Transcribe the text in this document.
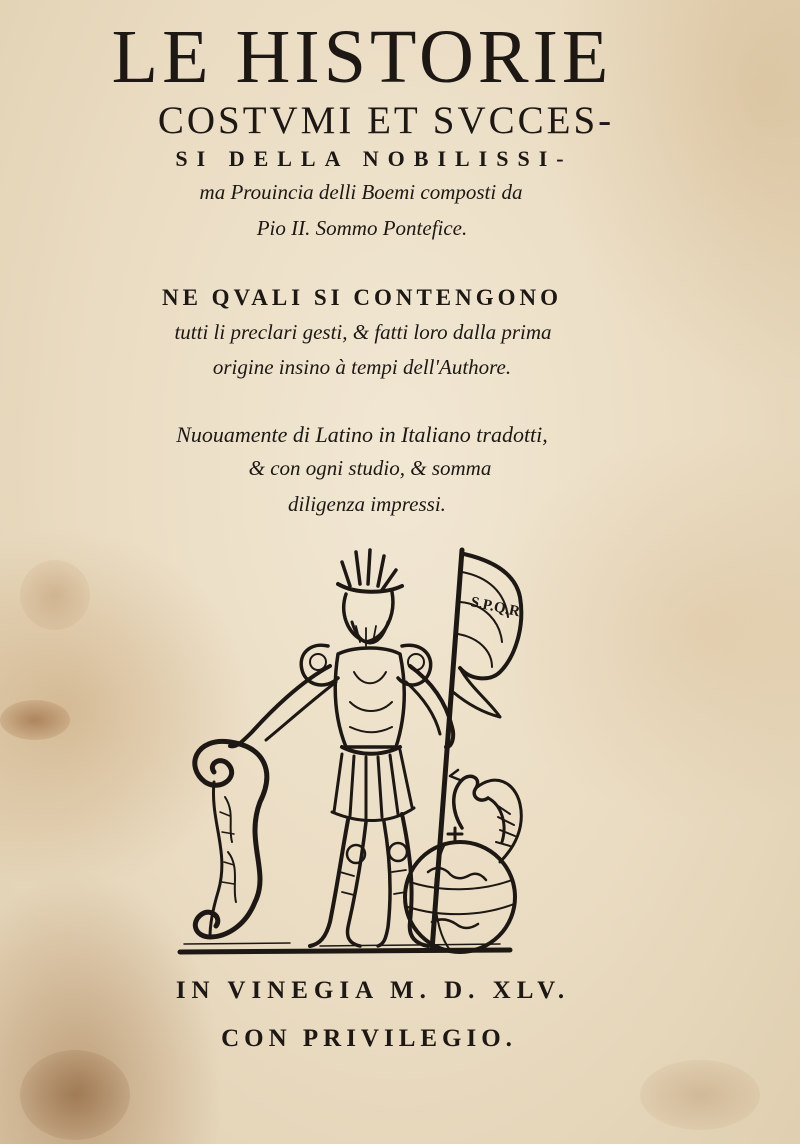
LE HISTORIE
COSTVMI ET SVCCES-
SI DELLA NOBILISSI-
ma Prouincia delli Boemi composti da
Pio II. Sommo Pontefice.
NE QVALI SI CONTENGONO
tutti li preclari gesti, & fatti loro dalla prima
origine insino à tempi dell'Authore.
Nuouamente di Latino in Italiano tradotti,
& con ogni studio, & somma
diligenza impressi.
S.P.Q.R
IN VINEGIA M. D. XLV.
CON PRIVILEGIO.
